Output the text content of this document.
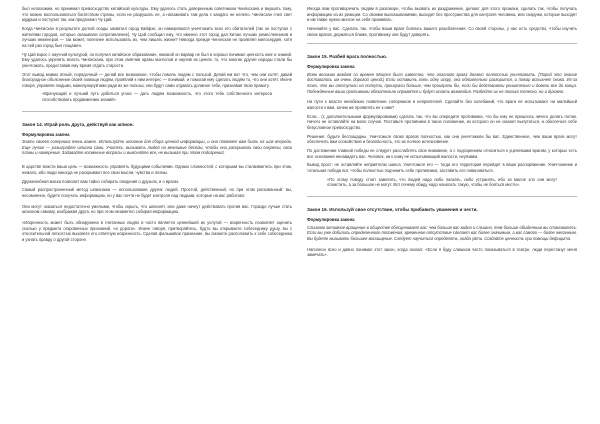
был непохожим, но принимал превосходство китайской культуры. Ему удалось стать доверенным советником Чингисхана и внушить тому, что можно воспользоваться богатством страны, если не разрушать ее, а налаживать там дела с кандаго не нелепо. Чингисхан счел свет мудрым и поступил так, как предложил Чу Цай.

Когда Чингисхан в результате долгой осады захватил город Кайфэн, он намеревался уничтожить всех его обитателей (так он поступал с жителями городов, которые оказывали сопротивление). Чу Цай сообщил ему, что именно этот город дал Китаю лучших ремесленников и лучших инженеров — так может, полезнее использовать их, чем лишать жизни? Никогда прежде Чингисхан не проявлял милосердия, хотя на сей раз город был пощажен.

Чу Цай взрос с научной культурой, он получил китайское образование, никакой он варвар не был и хорошо понимал ценность книг и знаний. Ему удалось укрепить власть Чингисхана, при этом смягчив нравы монголов и научив их ценить то, что многие другие народы стали бы уничтожать, предоставив ему время отдать старости.

Этот вывод мнимо ясный, порядочный — делай все возможное, чтобы помочь людям с пользой. Делай им вот что, чем они хотят; давай благородное объяснение своей помощи людям, проявляй к ним интерес — понимай, и помогай ему сделать людям то, что они хотят. Иначе говоря, управляя людьми, манипулируй ими ради их же пользы; они будут сами отдавать должное тебе, признавая твою правоту.

«Врачующий и лучший путь добиться угона — дать людям возможность, что этого тебе собственного интереса способствовать продвижению знаний».
Закон 14. Играй роль друга, действуй как шпион.
Формулировка закона

Знать своего соперника очень важно. Используйте шпионов для сбора ценной информации, и она поможет вам быть на шаг впереди. Еще лучше — разыграйте шпиона сами. Учитесь, вызывать людей на вежливые беседы, чтобы они раскрывали свои секреты, свои планы и намерения. Задавайте косвенные вопросы и выясняйте все, не вызывая при этом подозрений.

В царстве власти ваша цель — возможность управлять будущими событиями. Однако сложностей, с которыми вы сталкиваетесь при этом, немало, ибо люди никогда не раскрывают все свои мысли, чувства и планы.

Дружелюбная маска позволит вам тайно собирать сведения о друзьях, и о врагах.

Самый распространенный метод шпионажа — использование других людей. Простой, действенный, но при этом рискованный: вы, несомненно, будете получать информацию, но у вас почти не будет контроля над людьми, которые на вас работают.

Они могут оказаться недостаточно умелыми, чтобы скрыть, что шпионят, или даже начнут действовать против вас. Гораздо лучше стать шпионом самому, изображая друга, но при этом незаметно собирая информацию.

«Искренность может быть обнаружена в считанных людях и часто является ценнейшей их услугой — искренность позволяет оценить сколько у предмета откровенных признаний, «и дорога». Иначе говоря, притворяйтесь, будто вы открываете собеседнику душу, вы с относительной легкостью вызовете его ответную искренность. Сделав фальшивое признание, вы сможете расположить к себе собеседника и узнать правду о другой стороне.

Иногда вам противоречить людям в разговоре, чтобы вызвать их раздражение, делают для этого промахи, сделать так, чтобы получать информацию из их реакции. Со своими высказываниями, выходит без пространства для контроля человека, или снаружи, которые выходят и им также нужно многое на себя проживать.

Начинайте у вас. Сделать так, чтобы ваши враги боялись вашего разоблачения. Со своей стороны, у нас есть средство, чтобы изучить своих врагов, держаться ближе, противнику они будут доверять.

Закон 15. Разбей врага полностью.
Формулировка закона

Всем великим вождям со времен Моисея было известно, что опасного врага должно полностью уничтожить. (Порой это знание доставалось им очень дорогой ценой.) Если оставить хоть одну искру, она обязательно разгорится, и пожар вспыхнет снова. Из-за того, что вы отступили на полпути, проиграли больше, чем проиграли бы, если бы действовали решительно и довели все до конца. Побежденные ваши противники обязательно оправятся и будут искать возмездия. Разбейте их не только телесно, но и духовно.

На пути к власти неизбежно появление соперников и неприятелей. Сделайте без колебаний, что враги не испытывают ни малейшей жалости к вам, зачем же проявлять ее к ним?

Если... (с дополнительными формулировками) сделать так, что вы опередите противника, что бы ему не пришлось ничего делать потом. Ничего не оставляйте на волю случая. Поставьте противника в такое положение, из которого он не сможет выпутаться, и обеспечьте себе безусловное превосходство.

Решение: будьте беспощадны. Уничтожьте своих врагов полностью, как они уничтожили бы вас. Единственное, чем ваши враги могут обеспечить вам спокойствие и безопасность, это их полное исчезновение.

По достижении главной победы не следует расслаблять свое внимание, а с подозрением относиться к уцелевшим врагам, у которых есть все основания ненавидеть вас. Человек, ни к кому не испытывающий жалости, неуязвим.

Вывод прост: не оставляйте неприятелю шанса. Уничтожьте его — тогда его территория перейдет в ваше распоряжение. Уничтожение и тотальная победа вот, чтобы полностью подчинить себе противника, заставить его повиноваться.

«По этому поводу стоит заметить, что людей надо либо ласкать, либо устранять, ибо за малое зло они могут отомстить, а за большое не могут. Вот почему обиду надо наносить такую, чтобы не бояться мести».
Закон 16. Используй свое отсутствие, чтобы прибавить уважения и чести.
Формулировка закона

Слишком активное вращение в обществе обесценивает вас: чем больше вас видно и слышно, тем больше обыденным вы становитесь. Если вы уже добились определенного положения, временное отсутствие сделает вас более значимым, а вас самого — более желанным. Вы будете вызывать большее восхищение. Следует научиться определять, когда уйти. Создайте ценность при помощи дефицита.

Наполеон ясно и давно понимал этот закон, когда сказал: «Если я буду слишком часто показываться в театре, люди перестанут меня замечать».
